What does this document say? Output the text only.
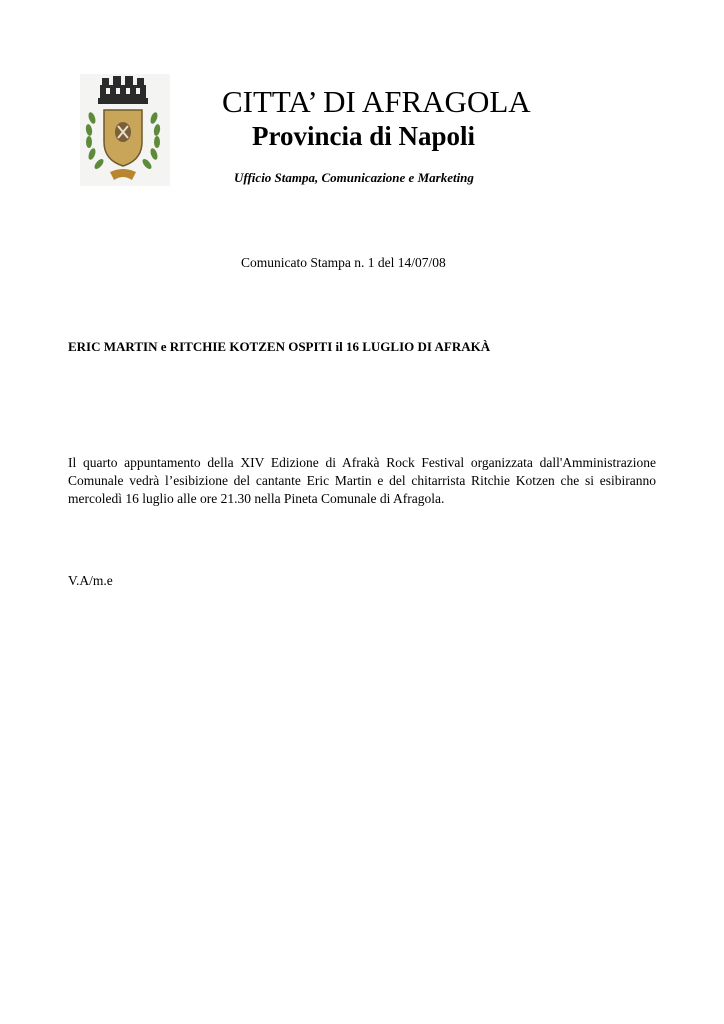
CITTA’ DI AFRAGOLA
Provincia di Napoli
Ufficio Stampa, Comunicazione e Marketing
Comunicato Stampa n. 1 del 14/07/08
ERIC MARTIN e RITCHIE KOTZEN OSPITI il 16 LUGLIO DI AFRAKÀ
Il quarto appuntamento della XIV Edizione di Afrakà Rock Festival organizzata dall'Amministrazione Comunale vedrà l’esibizione del cantante Eric Martin e del chitarrista Ritchie Kotzen che si esibiranno mercoledì 16 luglio alle ore 21.30 nella Pineta Comunale di Afragola.
V.A/m.e
